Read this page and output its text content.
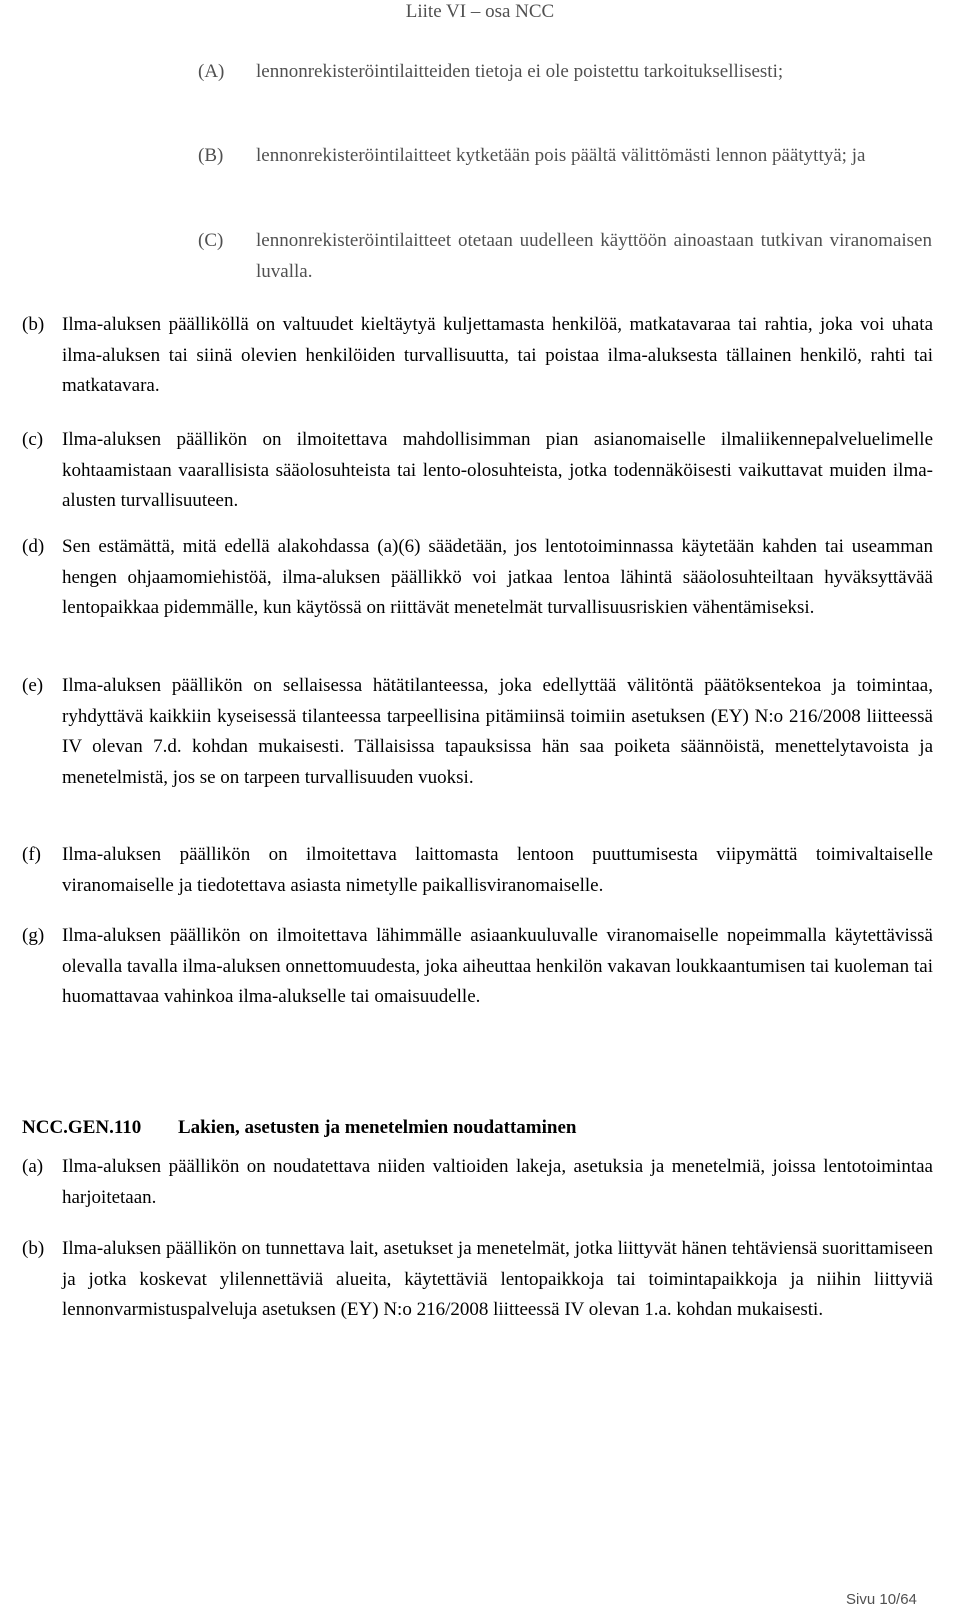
Liite VI – osa NCC
(A)	lennonrekisteröintilaitteiden tietoja ei ole poistettu tarkoituksellisesti;
(B)	lennonrekisteröintilaitteet kytketään pois päältä välittömästi lennon päätyttyä; ja
(C)	lennonrekisteröintilaitteet otetaan uudelleen käyttöön ainoastaan tutkivan viranomaisen luvalla.
(b) Ilma-aluksen päälliköllä on valtuudet kieltäytyä kuljettamasta henkilöä, matkatavaraa tai rahtia, joka voi uhata ilma-aluksen tai siinä olevien henkilöiden turvallisuutta, tai poistaa ilma-aluksesta tällainen henkilö, rahti tai matkatavara.
(c) Ilma-aluksen päällikön on ilmoitettava mahdollisimman pian asianomaiselle ilmaliikennepalveluelimelle kohtaamistaan vaarallisista sääolosuhteista tai lento-olosuhteista, jotka todennäköisesti vaikuttavat muiden ilma-alusten turvallisuuteen.
(d) Sen estämättä, mitä edellä alakohdassa (a)(6) säädetään, jos lentotoiminnassa käytetään kahden tai useamman hengen ohjaamomiehistöä, ilma-aluksen päällikkö voi jatkaa lentoa lähintä sääolosuhteiltaan hyväksyttävää lentopaikkaa pidemmälle, kun käytössä on riittävät menetelmät turvallisuusriskien vähentämiseksi.
(e) Ilma-aluksen päällikön on sellaisessa hätätilanteessa, joka edellyttää välitöntä päätöksentekoa ja toimintaa, ryhdyttävä kaikkiin kyseisessä tilanteessa tarpeellisina pitämiinsä toimiin asetuksen (EY) N:o 216/2008 liitteessä IV olevan 7.d. kohdan mukaisesti. Tällaisissa tapauksissa hän saa poiketa säännöistä, menettelytavoista ja menetelmistä, jos se on tarpeen turvallisuuden vuoksi.
(f)	Ilma-aluksen päällikön on ilmoitettava laittomasta lentoon puuttumisesta viipymättä toimivaltaiselle viranomaiselle ja tiedotettava asiasta nimetylle paikallisviranomaiselle.
(g) Ilma-aluksen päällikön on ilmoitettava lähimmälle asiaankuuluvalle viranomaiselle nopeimmalla käytettävissä olevalla tavalla ilma-aluksen onnettomuudesta, joka aiheuttaa henkilön vakavan loukkaantumisen tai kuoleman tai huomattavaa vahinkoa ilma-alukselle tai omaisuudelle.
NCC.GEN.110 Lakien, asetusten ja menetelmien noudattaminen
(a) Ilma-aluksen päällikön on noudatettava niiden valtioiden lakeja, asetuksia ja menetelmiä, joissa lentotoimintaa harjoitetaan.
(b) Ilma-aluksen päällikön on tunnettava lait, asetukset ja menetelmät, jotka liittyvät hänen tehtäviensä suorittamiseen ja jotka koskevat ylilennettäviä alueita, käytettäviä lentopaikkoja tai toimintapaikkoja ja niihin liittyviä lennonvarmistuspalveluja asetuksen (EY) N:o 216/2008 liitteessä IV olevan 1.a. kohdan mukaisesti.
Sivu 10/64
